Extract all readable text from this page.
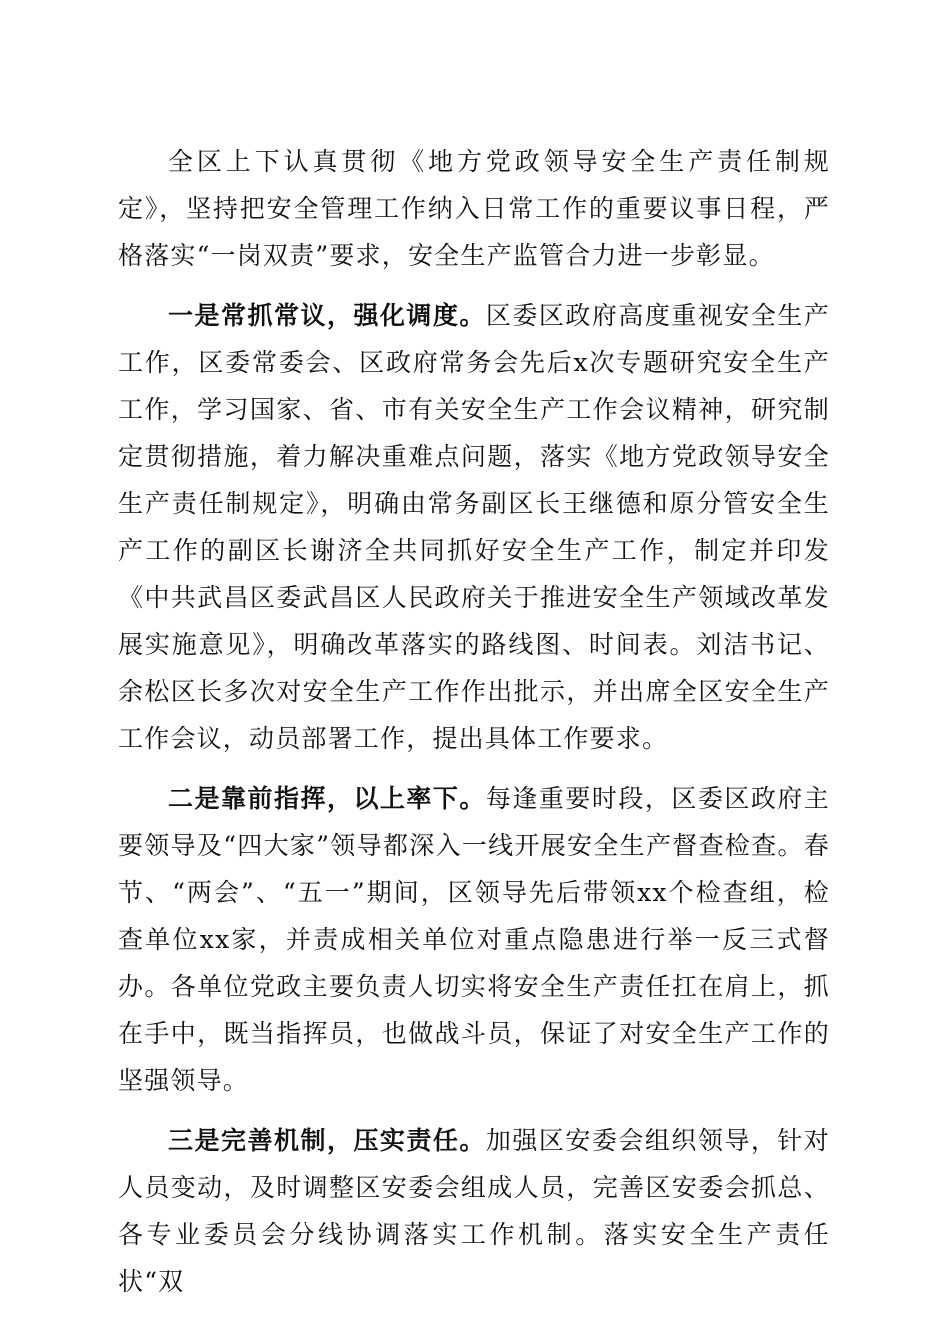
全区上下认真贯彻《地方党政领导安全生产责任制规定》，坚持把安全管理工作纳入日常工作的重要议事日程，严格落实“一岗双责”要求，安全生产监管合力进一步彰显。

一是常抓常议，强化调度。区委区政府高度重视安全生产工作，区委常委会、区政府常务会先后x次专题研究安全生产工作，学习国家、省、市有关安全生产工作会议精神，研究制定贯彻措施，着力解决重难点问题，落实《地方党政领导安全生产责任制规定》，明确由常务副区长王继德和原分管安全生产工作的副区长谢济全共同抓好安全生产工作，制定并印发《中共武昌区委武昌区人民政府关于推进安全生产领域改革发展实施意见》，明确改革落实的路线图、时间表。刘洁书记、余松区长多次对安全生产工作作出批示，并出席全区安全生产工作会议，动员部署工作，提出具体工作要求。

二是靠前指挥，以上率下。每逢重要时段，区委区政府主要领导及“四大家”领导都深入一线开展安全生产督查检查。春节、“两会”、“五一”期间，区领导先后带领xx个检查组，检查单位xx家，并责成相关单位对重点隐患进行举一反三式督办。各单位党政主要负责人切实将安全生产责任扛在肩上，抓在手中，既当指挥员，也做战斗员，保证了对安全生产工作的坚强领导。

三是完善机制，压实责任。加强区安委会组织领导，针对人员变动，及时调整区安委会组成人员，完善区安委会抓总、各专业委员会分线协调落实工作机制。落实安全生产责任状“双
